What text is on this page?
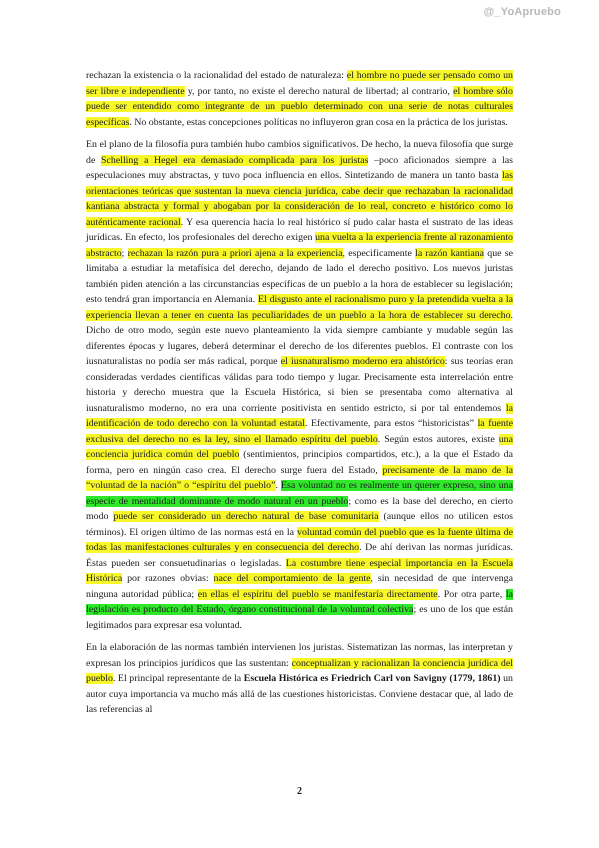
@_YoApruebo

rechazan la existencia o la racionalidad del estado de naturaleza: el hombre no puede ser pensado como un ser libre e independiente y, por tanto, no existe el derecho natural de libertad; al contrario, el hombre sólo puede ser entendido como integrante de un pueblo determinado con una serie de notas culturales específicas. No obstante, estas concepciones políticas no influyeron gran cosa en la práctica de los juristas.

En el plano de la filosofía pura también hubo cambios significativos. De hecho, la nueva filosofía que surge de Schelling a Hegel era demasiado complicada para los juristas –poco aficionados siempre a las especulaciones muy abstractas, y tuvo poca influencia en ellos. Sintetizando de manera un tanto basta las orientaciones teóricas que sustentan la nueva ciencia jurídica, cabe decir que rechazaban la racionalidad kantiana abstracta y formal y abogaban por la consideración de lo real, concreto e histórico como lo auténticamente racional. Y esa querencia hacia lo real histórico sí pudo calar hasta el sustrato de las ideas jurídicas. En efecto, los profesionales del derecho exigen una vuelta a la experiencia frente al razonamiento abstracto; rechazan la razón pura a priori ajena a la experiencia, especificamente la razón kantiana que se limitaba a estudiar la metafísica del derecho, dejando de lado el derecho positivo. Los nuevos juristas también piden atención a las circunstancias específicas de un pueblo a la hora de establecer su legislación; esto tendrá gran importancia en Alemania. El disgusto ante el racionalismo puro y la pretendida vuelta a la experiencia llevan a tener en cuenta las peculiaridades de un pueblo a la hora de establecer su derecho. Dicho de otro modo, según este nuevo planteamiento la vida siempre cambiante y mudable según las diferentes épocas y lugares, deberá determinar el derecho de los diferentes pueblos. El contraste con los iusnaturalistas no podía ser más radical, porque el iusnaturalismo moderno era ahistórico: sus teorías eran consideradas verdades científicas válidas para todo tiempo y lugar. Precisamente esta interrelación entre historia y derecho muestra que la Escuela Histórica, si bien se presentaba como alternativa al iusnaturalismo moderno, no era una corriente positivista en sentido estricto, si por tal entendemos la identificación de todo derecho con la voluntad estatal. Efectivamente, para estos “historicistas” la fuente exclusiva del derecho no es la ley, sino el llamado espíritu del pueblo. Según estos autores, existe una conciencia jurídica común del pueblo (sentimientos, principios compartidos, etc.), a la que el Estado da forma, pero en ningún caso crea. El derecho surge fuera del Estado, precisamente de la mano de la “voluntad de la nación” o “espíritu del pueblo”. Esa voluntad no es realmente un querer expreso, sino una especie de mentalidad dominante de modo natural en un pueblo; como es la base del derecho, en cierto modo puede ser considerado un derecho natural de base comunitaria (aunque ellos no utilicen estos términos). El origen último de las normas está en la voluntad común del pueblo que es la fuente última de todas las manifestaciones culturales y en consecuencia del derecho. De ahí derivan las normas jurídicas. Éstas pueden ser consuetudinarias o legisladas. La costumbre tiene especial importancia en la Escuela Histórica por razones obvias: nace del comportamiento de la gente, sin necesidad de que intervenga ninguna autoridad pública; en ellas el espíritu del pueblo se manifestaría directamente. Por otra parte, la legislación es producto del Estado, órgano constitucional de la voluntad colectiva; es uno de los que están legitimados para expresar esa voluntad.

En la elaboración de las normas también intervienen los juristas. Sistematizan las normas, las interpretan y expresan los principios jurídicos que las sustentan: conceptualizan y racionalizan la conciencia jurídica del pueblo. El principal representante de la Escuela Histórica es Friedrich Carl von Savigny (1779, 1861) un autor cuya importancia va mucho más allá de las cuestiones historicistas. Conviene destacar que, al lado de las referencias al

2
